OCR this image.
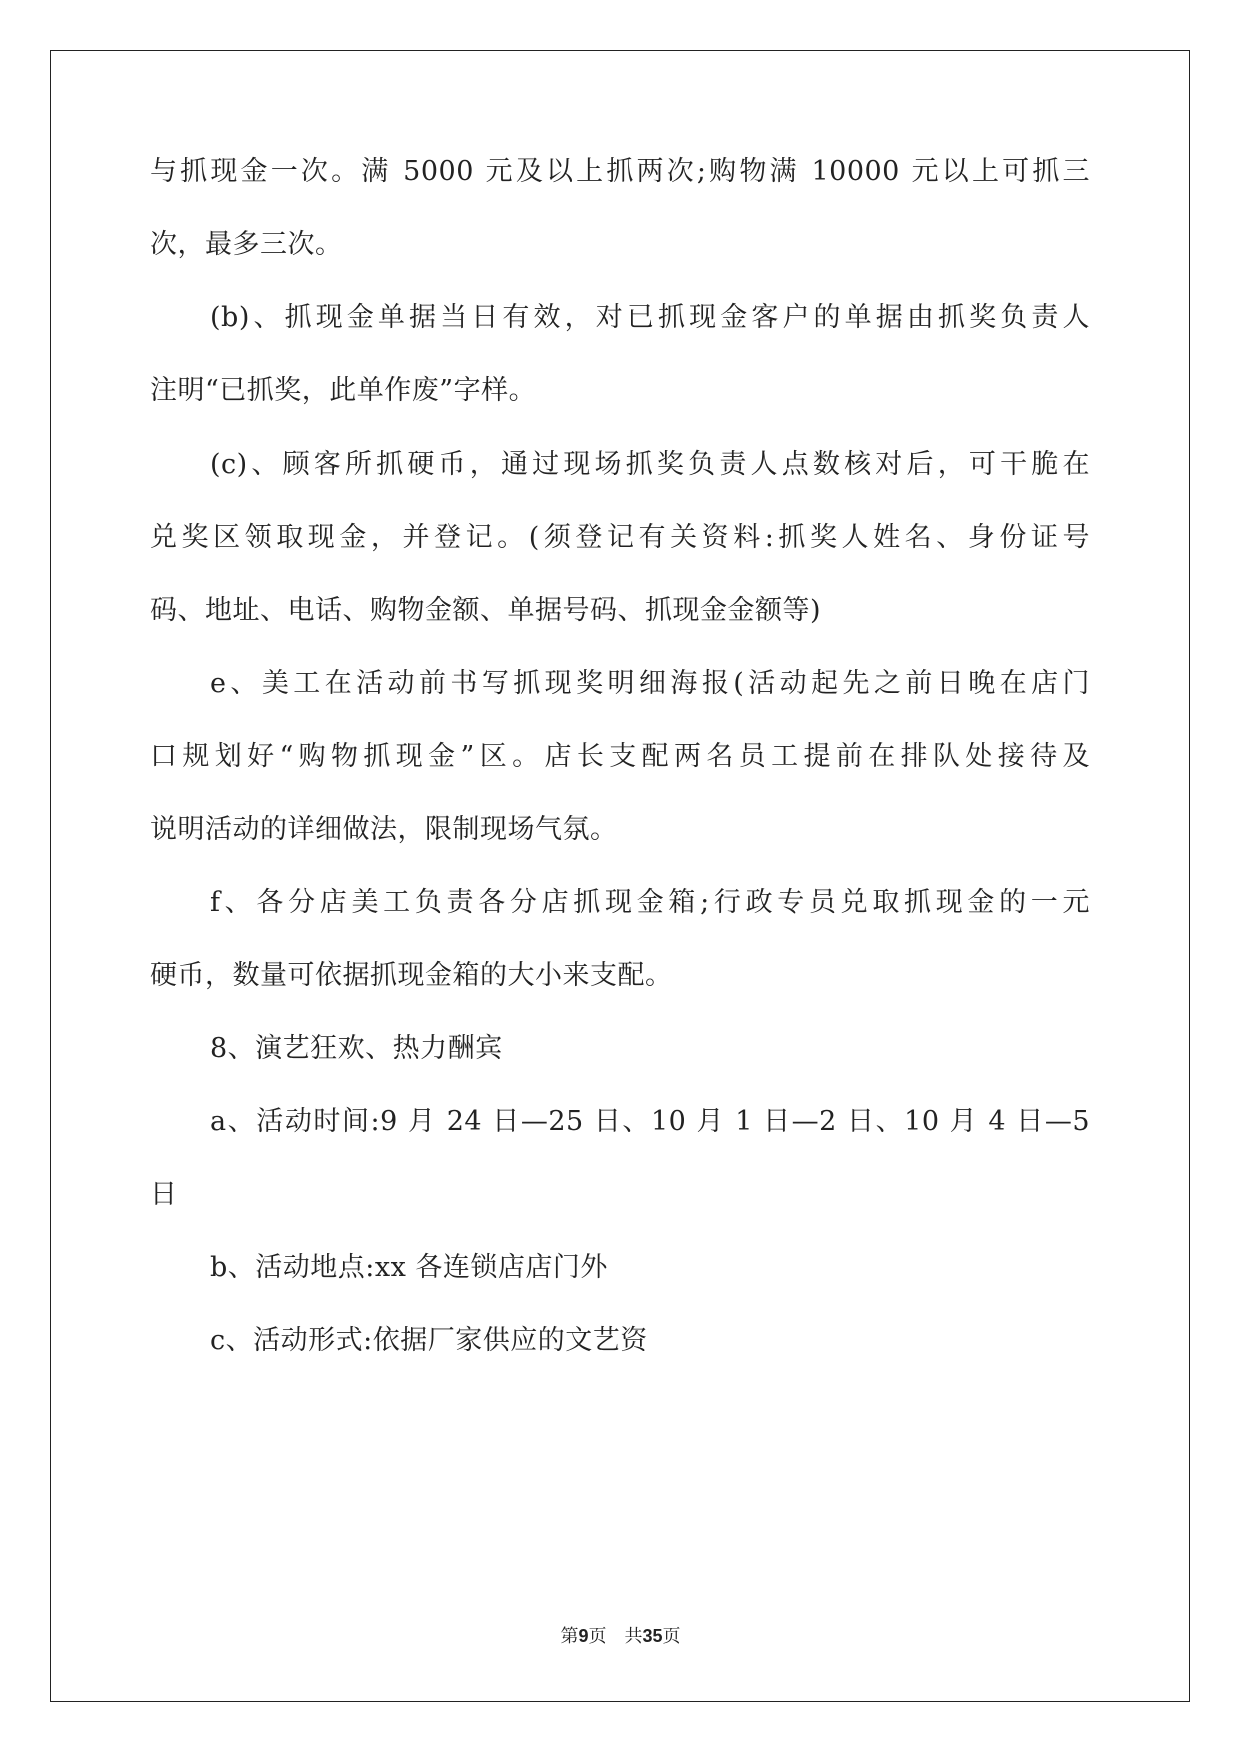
与抓现金一次。满 5000 元及以上抓两次;购物满 10000 元以上可抓三
次，最多三次。
(b)、抓现金单据当日有效，对已抓现金客户的单据由抓奖负责人
注明“已抓奖，此单作废”字样。
(c)、顾客所抓硬币，通过现场抓奖负责人点数核对后，可干脆在
兑奖区领取现金，并登记。(须登记有关资料:抓奖人姓名、身份证号
码、地址、电话、购物金额、单据号码、抓现金金额等)
e、美工在活动前书写抓现奖明细海报(活动起先之前日晚在店门
口规划好“购物抓现金”区。店长支配两名员工提前在排队处接待及
说明活动的详细做法，限制现场气氛。
f、各分店美工负责各分店抓现金箱;行政专员兑取抓现金的一元
硬币，数量可依据抓现金箱的大小来支配。
8、演艺狂欢、热力酬宾
a、活动时间:9 月 24 日—25 日、10 月 1 日—2 日、10 月 4 日—5
日
b、活动地点:xx 各连锁店店门外
c、活动形式:依据厂家供应的文艺资
第9页　共35页
